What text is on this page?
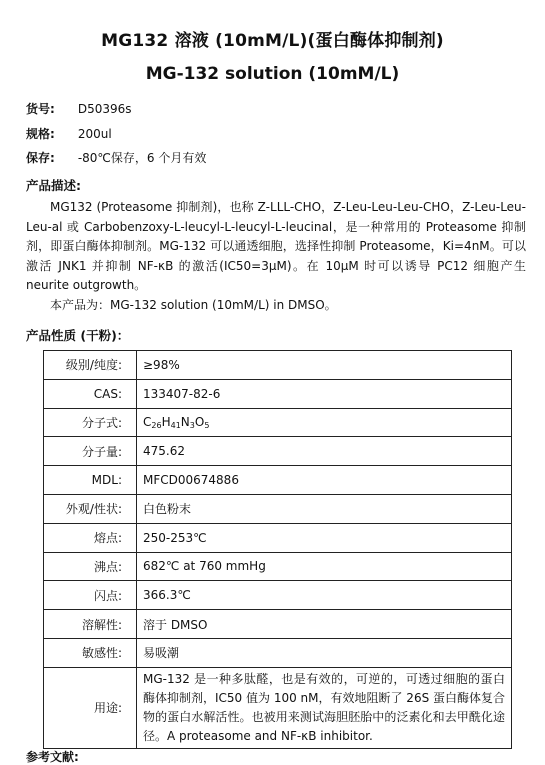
MG132 溶液 (10mM/L)(蛋白酶体抑制剂)
MG-132 solution (10mM/L)
货号: D50396s
规格: 200ul
保存: -80℃保存，6 个月有效
产品描述:

MG132 (Proteasome 抑制剂)，也称 Z-LLL-CHO，Z-Leu-Leu-Leu-CHO，Z-Leu-Leu-Leu-al 或 Carbobenzoxy-L-leucyl-L-leucyl-L-leucinal，是一种常用的 Proteasome 抑制剂，即蛋白酶体抑制剂。MG-132 可以通透细胞，选择性抑制 Proteasome，Ki=4nM。可以激活 JNK1 并抑制 NF-κB 的激活(IC50=3μM)。在 10μM 时可以诱导 PC12 细胞产生 neurite outgrowth。

本产品为：MG-132 solution (10mM/L) in DMSO。

产品性质 (干粉)：
级别/纯度:	≥98%
CAS:	133407-82-6
分子式:	$C_{26}H_{41}N_3O_5$
分子量:	475.62
MDL:	MFCD00674886
外观/性状:	白色粉末
熔点:	250-253℃
沸点:	682℃ at 760 mmHg
闪点:	366.3℃
溶解性:	溶于 DMSO
敏感性:	易吸潮
用途:	MG-132 是一种多肽醛，也是有效的，可逆的，可透过细胞的蛋白酶体抑制剂，IC50 值为 100 nM，有效地阻断了 26S 蛋白酶体复合物的蛋白水解活性。也被用来测试海胆胚胎中的泛素化和去甲酰化途径。A proteasome and NF-κB inhibitor.
参考文献:
